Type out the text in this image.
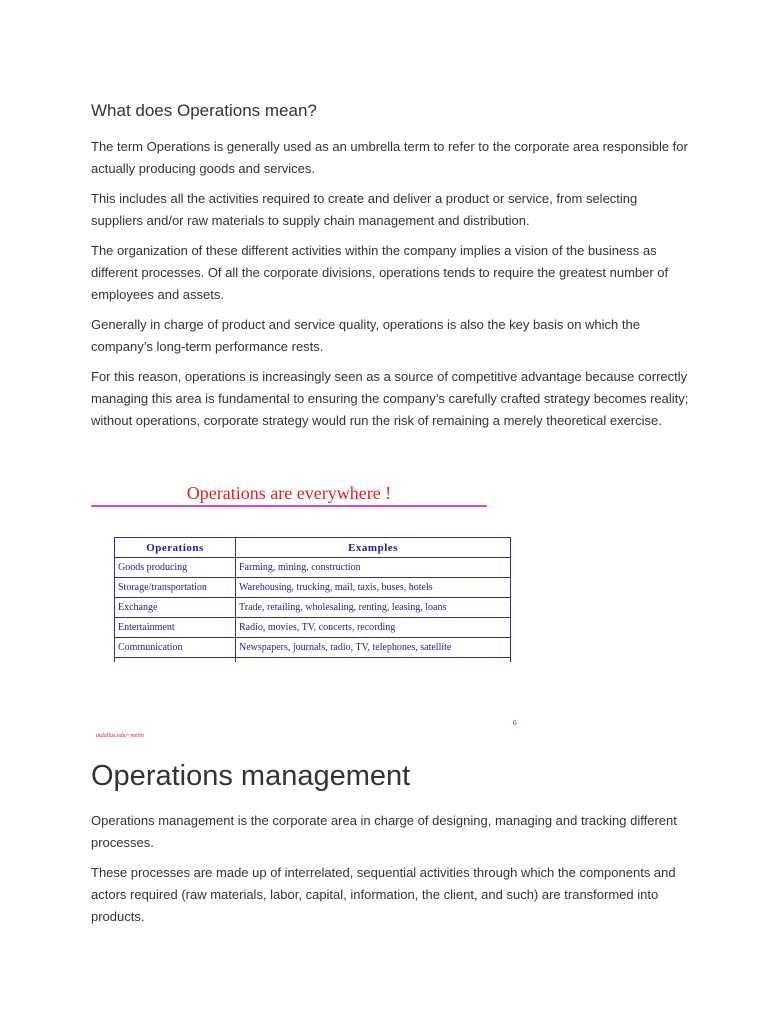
What does Operations mean?

The term Operations is generally used as an umbrella term to refer to the corporate area responsible for actually producing goods and services.

This includes all the activities required to create and deliver a product or service, from selecting suppliers and/or raw materials to supply chain management and distribution.

The organization of these different activities within the company implies a vision of the business as different processes. Of all the corporate divisions, operations tends to require the greatest number of employees and assets.

Generally in charge of product and service quality, operations is also the key basis on which the company’s long-term performance rests.

For this reason, operations is increasingly seen as a source of competitive advantage because correctly managing this area is fundamental to ensuring the company’s carefully crafted strategy becomes reality; without operations, corporate strategy would run the risk of remaining a merely theoretical exercise.

Operations are everywhere !
Operations	Examples
Goods producing	Farming, mining, construction
Storage/transportation	Warehousing, trucking, mail, taxis, buses, hotels
Exchange	Trade, retailing, wholesaling, renting, leasing, loans
Entertainment	Radio, movies, TV, concerts, recording
Communication	Newspapers, journals, radio, TV, telephones, satellite

6
utdallas.edu/~metin
Operations management

Operations management is the corporate area in charge of designing, managing and tracking different processes.

These processes are made up of interrelated, sequential activities through which the components and actors required (raw materials, labor, capital, information, the client, and such) are transformed into products.
